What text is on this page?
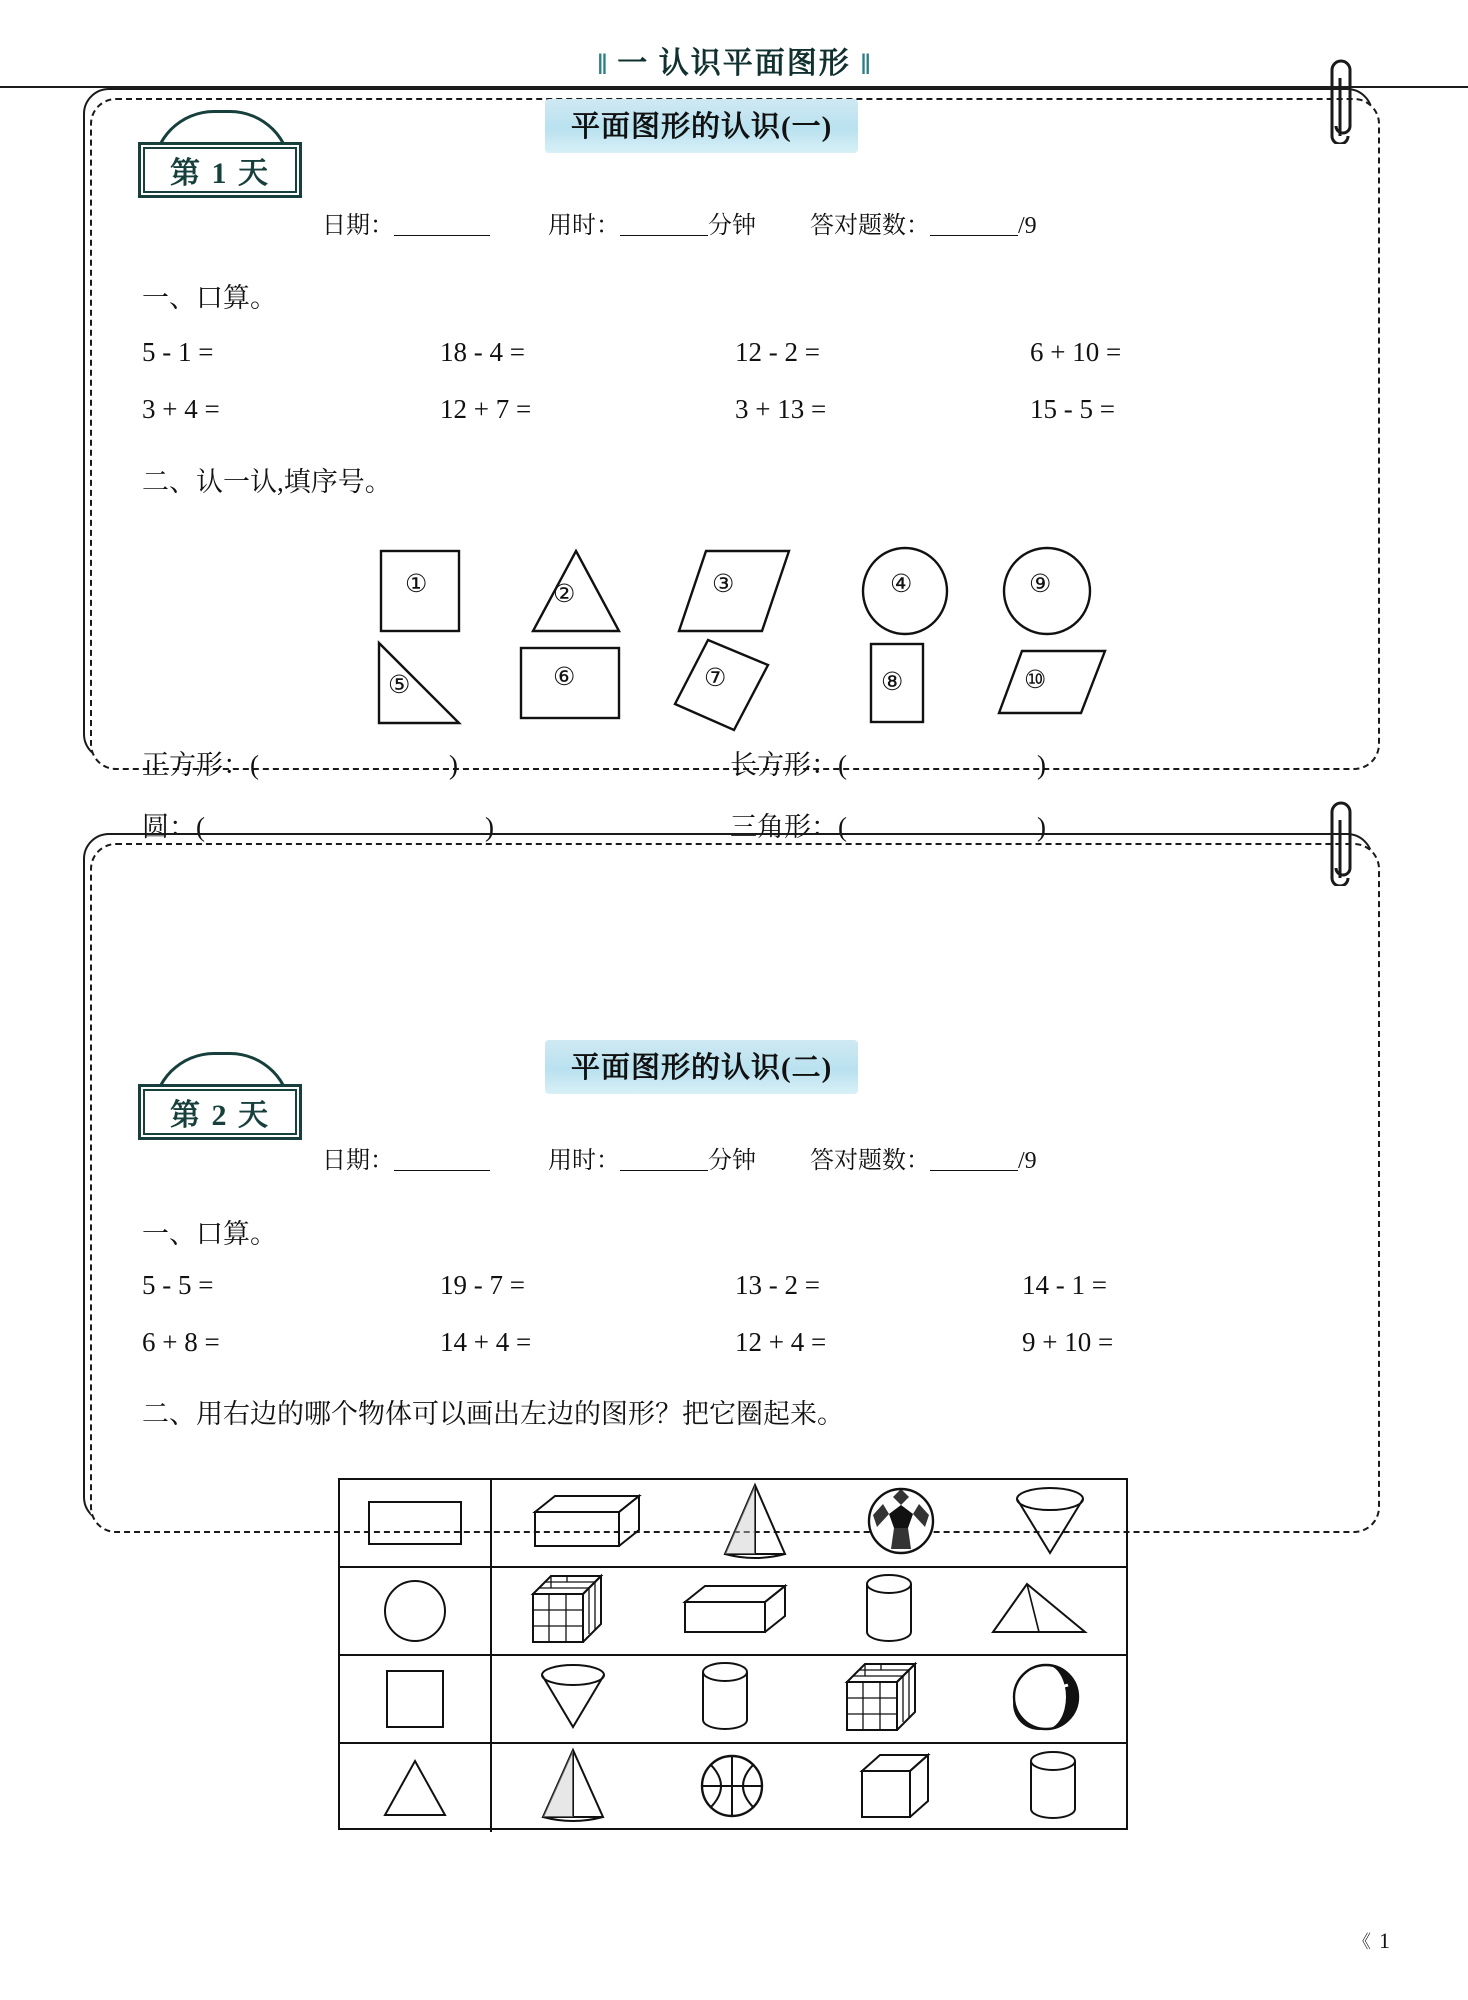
‖ 一 认识平面图形 ‖
平面图形的认识(一)
第 1 天
日期：	用时：	分钟 答对题数：	/9
一、口算。
5 - 1 =	18 - 4 =	12 - 2 =	6 + 10 =
3 + 4 =	12 + 7 =	3 + 13 =	15 - 5 =
二、认一认,填序号。
①	②	③	④	⑨
⑤	⑥	⑦	⑧	⑩
正方形：(	)	长方形：(	)
圆：(	)	三角形：(	)
平面图形的认识(二)
第 2 天
日期：	用时：	分钟 答对题数：	/9
一、口算。
5 - 5 =	19 - 7 =	13 - 2 =	14 - 1 =
6 + 8 =	14 + 4 =	12 + 4 =	9 + 10 =
二、用右边的哪个物体可以画出左边的图形？把它圈起来。
《 1
